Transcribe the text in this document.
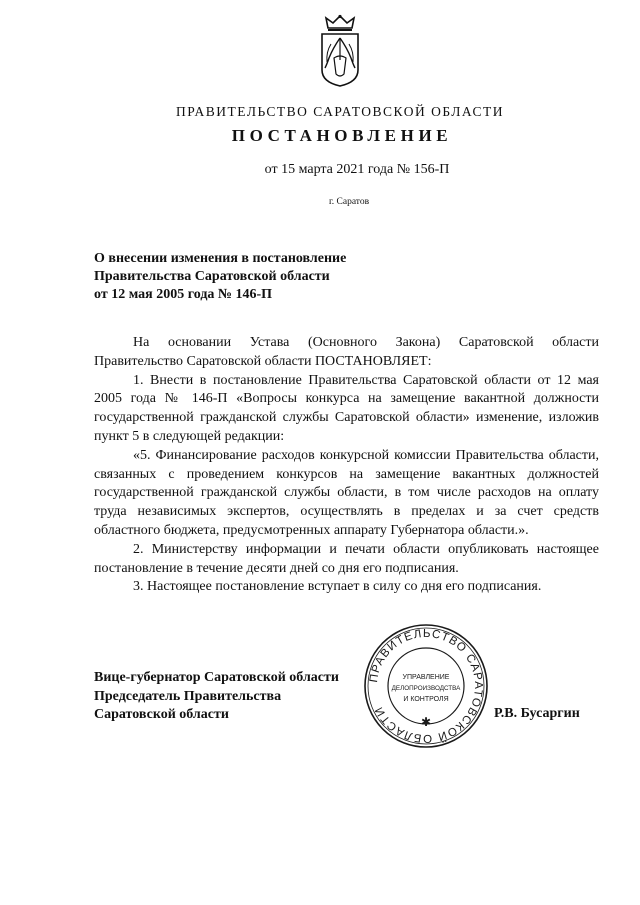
ПРАВИТЕЛЬСТВО САРАТОВСКОЙ ОБЛАСТИ
ПОСТАНОВЛЕНИЕ
от 15 марта 2021 года № 156-П
г. Саратов
О внесении изменения в постановление
Правительства Саратовской области
от 12 мая 2005 года № 146-П

На основании Устава (Основного Закона) Саратовской области Правительство Саратовской области ПОСТАНОВЛЯЕТ:

1. Внести в постановление Правительства Саратовской области от 12 мая 2005 года № 146-П «Вопросы конкурса на замещение вакантной должности государственной гражданской службы Саратовской области» изменение, изложив пункт 5 в следующей редакции:

«5. Финансирование расходов конкурсной комиссии Правительства области, связанных с проведением конкурсов на замещение вакантных должностей государственной гражданской службы области, в том числе расходов на оплату труда независимых экспертов, осуществлять в пределах и за счет средств областного бюджета, предусмотренных аппарату Губернатора области.».

2. Министерству информации и печати области опубликовать настоящее постановление в течение десяти дней со дня его подписания.

3. Настоящее постановление вступает в силу со дня его подписания.

Вице-губернатор Саратовской области
Председатель Правительства
Саратовской области	Р.В. Бусаргин
ПРАВИТЕЛЬСТВО САРАТОВСКОЙ ОБЛАСТИ
✱
УПРАВЛЕНИЕ
ДЕЛОПРОИЗВОДСТВА
И КОНТРОЛЯ
